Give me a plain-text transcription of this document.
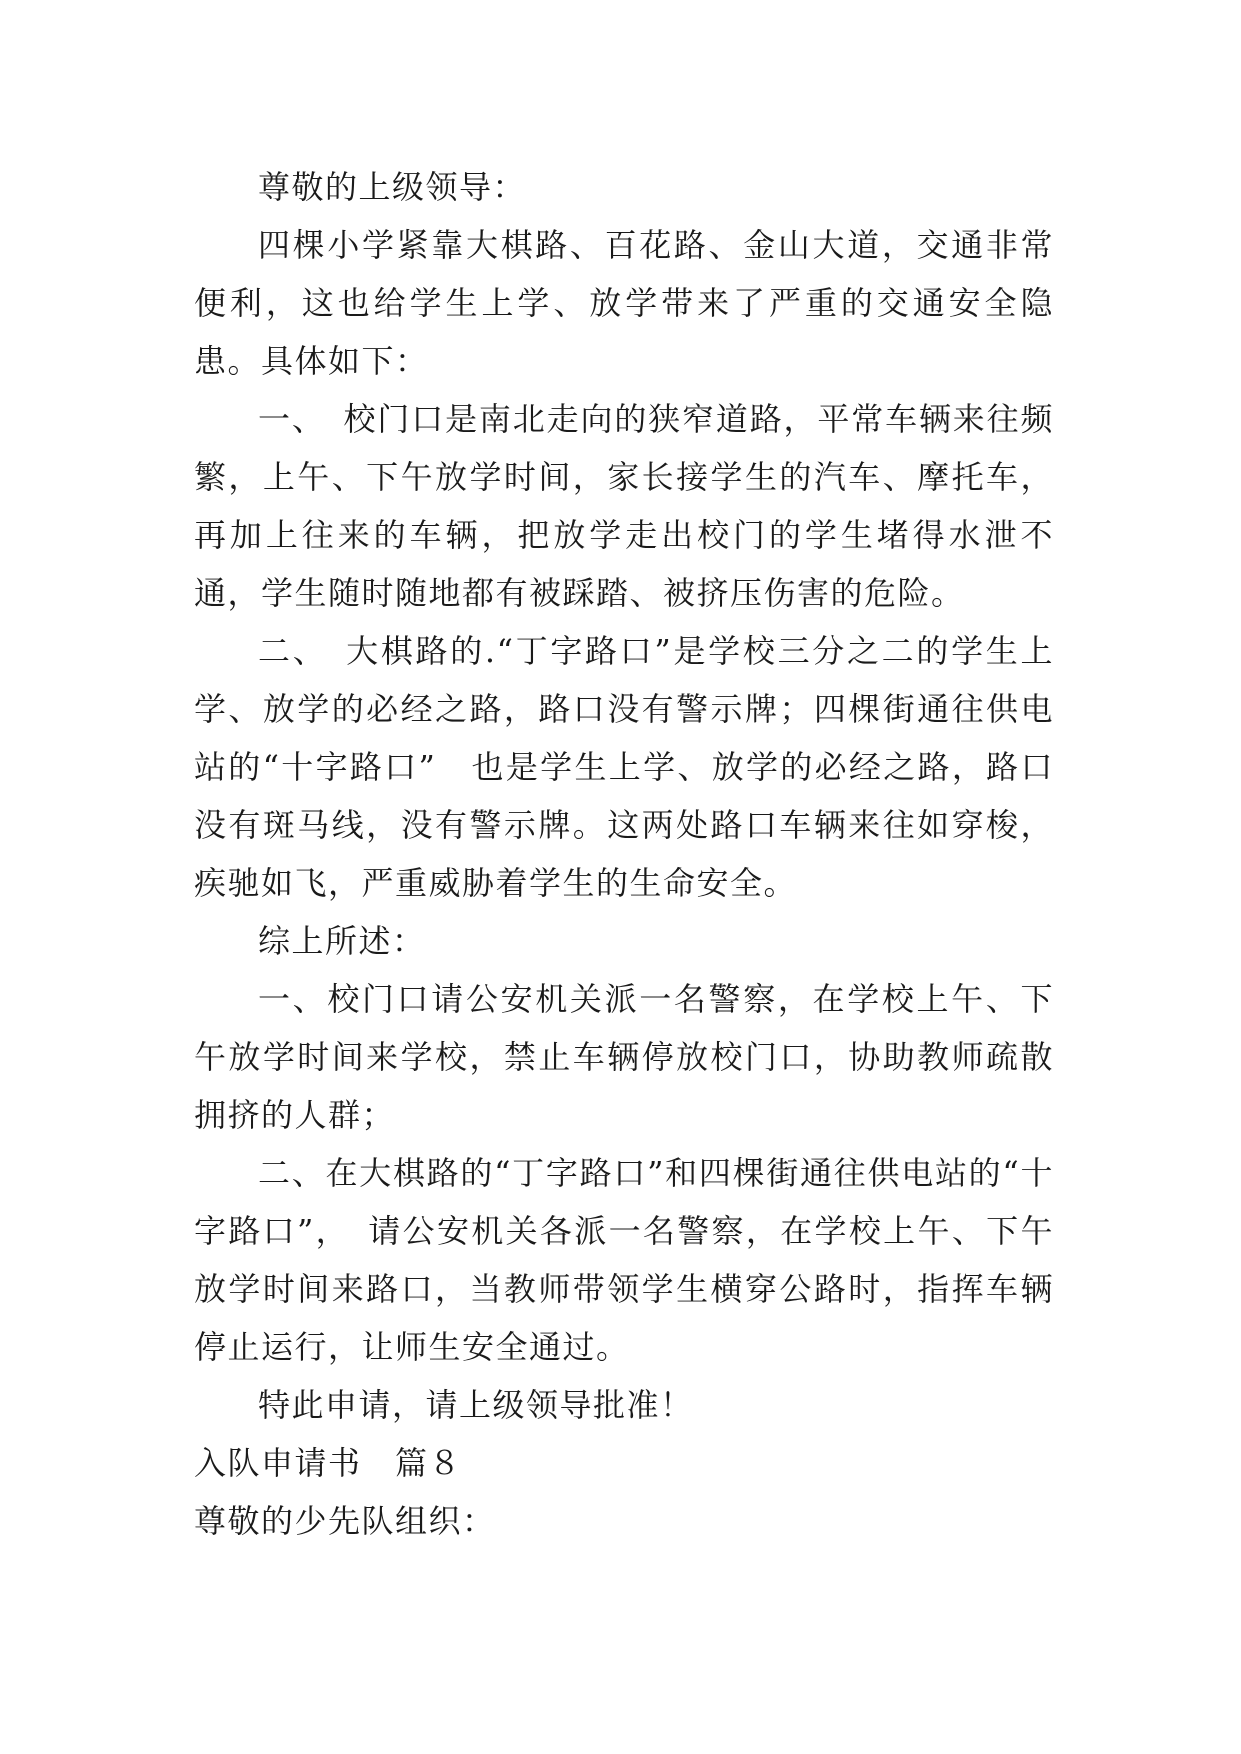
尊敬的上级领导：

四棵小学紧靠大棋路、百花路、金山大道，交通非常便利，这也给学生上学、放学带来了严重的交通安全隐患。具体如下：

一、　校门口是南北走向的狭窄道路，平常车辆来往频繁，上午、下午放学时间，家长接学生的汽车、摩托车，再加上往来的车辆，把放学走出校门的学生堵得水泄不通，学生随时随地都有被踩踏、被挤压伤害的危险。

二、　大棋路的.“丁字路口”是学校三分之二的学生上学、放学的必经之路，路口没有警示牌；四棵街通往供电站的“十字路口”　也是学生上学、放学的必经之路，路口没有斑马线，没有警示牌。这两处路口车辆来往如穿梭，疾驰如飞，严重威胁着学生的生命安全。

综上所述：

一、校门口请公安机关派一名警察，在学校上午、下午放学时间来学校，禁止车辆停放校门口，协助教师疏散拥挤的人群；

二、在大棋路的“丁字路口”和四棵街通往供电站的“十字路口”，　请公安机关各派一名警察，在学校上午、下午放学时间来路口，当教师带领学生横穿公路时，指挥车辆停止运行，让师生安全通过。

特此申请，请上级领导批准！

入队申请书　篇８

尊敬的少先队组织：
